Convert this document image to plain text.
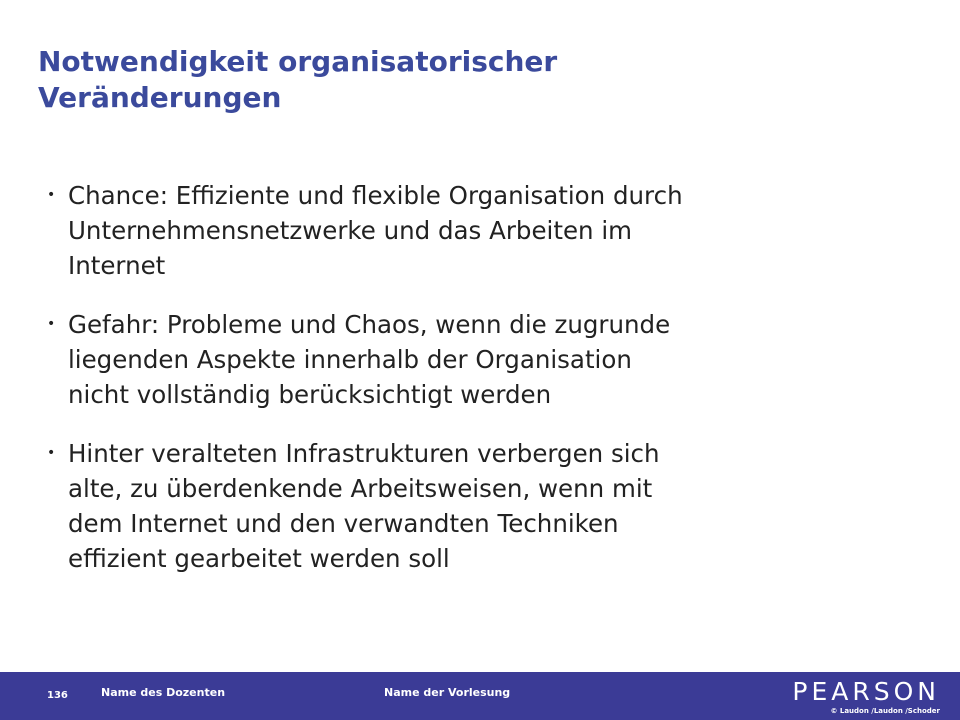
Notwendigkeit organisatorischer
Veränderungen
• Chance: Effiziente und flexible Organisation durch
Unternehmensnetzwerke und das Arbeiten im
Internet
• Gefahr: Probleme und Chaos, wenn die zugrunde
liegenden Aspekte innerhalb der Organisation
nicht vollständig berücksichtigt werden
• Hinter veralteten Infrastrukturen verbergen sich
alte, zu überdenkende Arbeitsweisen, wenn mit
dem Internet und den verwandten Techniken
effizient gearbeitet werden soll
136	Name des Dozenten	Name der Vorlesung	PEARSON
© Laudon /Laudon /Schoder
